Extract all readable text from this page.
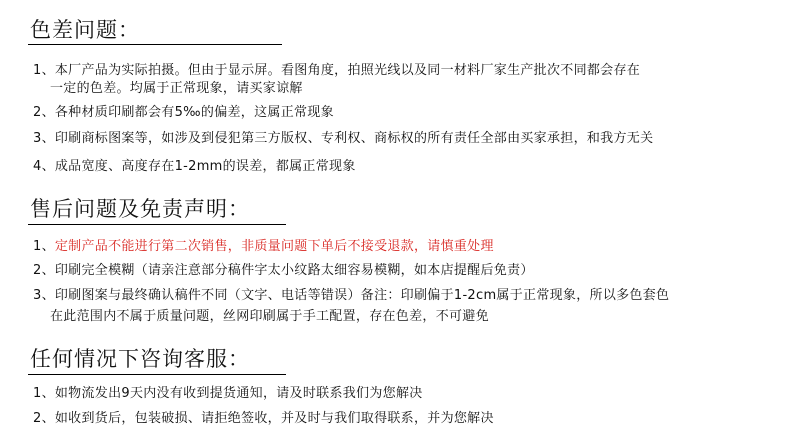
色差问题：
1、本厂产品为实际拍摄。但由于显示屏。看图角度，拍照光线以及同一材料厂家生产批次不同都会存在
一定的色差。均属于正常现象，请买家谅解
2、各种材质印刷都会有5‰的偏差，这属正常现象
3、印刷商标图案等，如涉及到侵犯第三方版权、专利权、商标权的所有责任全部由买家承担，和我方无关
4、成品宽度、高度存在1-2mm的误差，都属正常现象
售后问题及免责声明：
1、定制产品不能进行第二次销售，非质量问题下单后不接受退款，请慎重处理
2、印刷完全模糊（请亲注意部分稿件字太小纹路太细容易模糊，如本店提醒后免责）
3、印刷图案与最终确认稿件不同（文字、电话等错误）备注：印刷偏于1-2cm属于正常现象，所以多色套色
在此范围内不属于质量问题，丝网印刷属于手工配置，存在色差，不可避免
任何情况下咨询客服：
1、如物流发出9天内没有收到提货通知，请及时联系我们为您解决
2、如收到货后，包装破损、请拒绝签收，并及时与我们取得联系，并为您解决
